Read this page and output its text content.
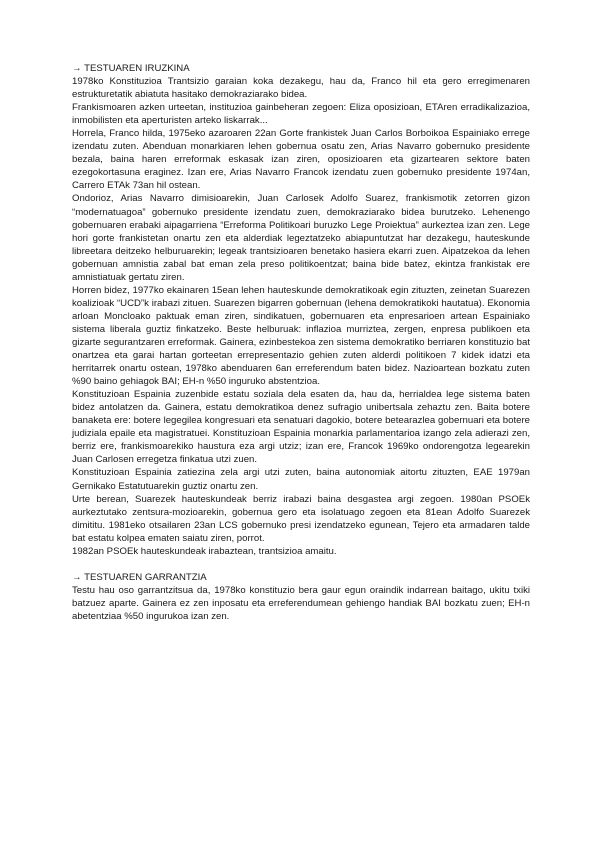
→ TESTUAREN IRUZKINA
1978ko Konstituzioa Trantsizio garaian koka dezakegu, hau da, Franco hil eta gero erregimenaren estrukturetatik abiatuta hasitako demokraziarako bidea.
Frankismoaren azken urteetan, instituzioa gainbeheran zegoen: Eliza oposizioan, ETAren erradikalizazioa, inmobilisten eta aperturisten arteko liskarrak...
Horrela, Franco hilda, 1975eko azaroaren 22an Gorte frankistek Juan Carlos Borboikoa Espainiako errege izendatu zuten. Abenduan monarkiaren lehen gobernua osatu zen, Arias Navarro gobernuko presidente bezala, baina haren erreformak eskasak izan ziren, oposizioaren eta gizartearen sektore baten ezegokortasuna eraginez. Izan ere, Arias Navarro Francok izendatu zuen gobernuko presidente 1974an, Carrero ETAk 73an hil ostean.
Ondorioz, Arias Navarro dimisioarekin, Juan Carlosek Adolfo Suarez, frankismotik zetorren gizon “modernatuagoa” gobernuko presidente izendatu zuen, demokraziarako bidea burutzeko. Lehenengo gobernuaren erabaki aipagarriena “Erreforma Politikoari buruzko Lege Proiektua” aurkeztea izan zen. Lege hori gorte frankistetan onartu zen eta alderdiak legeztatzeko abiapuntutzat har dezakegu, hauteskunde libreetara deitzeko helburuarekin; legeak trantsizioaren benetako hasiera ekarri zuen. Aipatzekoa da lehen gobernuan amnistia zabal bat eman zela preso politikoentzat; baina bide batez, ekintza frankistak ere amnistiatuak gertatu ziren.
Horren bidez, 1977ko ekainaren 15ean lehen hauteskunde demokratikoak egin zituzten, zeinetan Suarezen koalizioak “UCD”k irabazi zituen. Suarezen bigarren gobernuan (lehena demokratikoki hautatua). Ekonomia arloan Moncloako paktuak eman ziren, sindikatuen, gobernuaren eta enpresarioen artean Espainiako sistema liberala guztiz finkatzeko. Beste helburuak: inflazioa murriztea, zergen, enpresa publikoen eta gizarte segurantzaren erreformak. Gainera, ezinbestekoa zen sistema demokratiko berriaren konstituzio bat onartzea eta garai hartan gorteetan errepresentazio gehien zuten alderdi politikoen 7 kidek idatzi eta herritarrek onartu ostean, 1978ko abenduaren 6an erreferendum baten bidez. Nazioartean bozkatu zuten %90 baino gehiagok BAI; EH-n %50 inguruko abstentzioa.
Konstituzioan Espainia zuzenbide estatu soziala dela esaten da, hau da, herrialdea lege sistema baten bidez antolatzen da. Gainera, estatu demokratikoa denez sufragio unibertsala zehaztu zen. Baita botere banaketa ere: botere legegilea kongresuari eta senatuari dagokio, botere betearazlea gobernuari eta botere judiziala epaile eta magistratuei. Konstituzioan Espainia monarkia parlamentarioa izango zela adierazi zen, berriz ere, frankismoarekiko haustura eza argi utziz; izan ere, Francok 1969ko ondorengotza legearekin Juan Carlosen erregetza finkatua utzi zuen.
Konstituzioan Espainia zatiezina zela argi utzi zuten, baina autonomiak aitortu zituzten, EAE 1979an Gernikako Estatutuarekin guztiz onartu zen.
Urte berean, Suarezek hauteskundeak berriz irabazi baina desgastea argi zegoen. 1980an PSOEk aurkeztutako zentsura-mozioarekin, gobernua gero eta isolatuago zegoen eta 81ean Adolfo Suarezek dimititu. 1981eko otsailaren 23an LCS gobernuko presi izendatzeko egunean, Tejero eta armadaren talde bat estatu kolpea ematen saiatu ziren, porrot.
1982an PSOEk hauteskundeak irabaztean, trantsizioa amaitu.
→ TESTUAREN GARRANTZIA
Testu hau oso garrantzitsua da, 1978ko konstituzio bera gaur egun oraindik indarrean baitago, ukitu txiki batzuez aparte. Gainera ez zen inposatu eta erreferendumean gehiengo handiak BAI bozkatu zuen; EH-n abetentziaa %50 ingurukoa izan zen.
